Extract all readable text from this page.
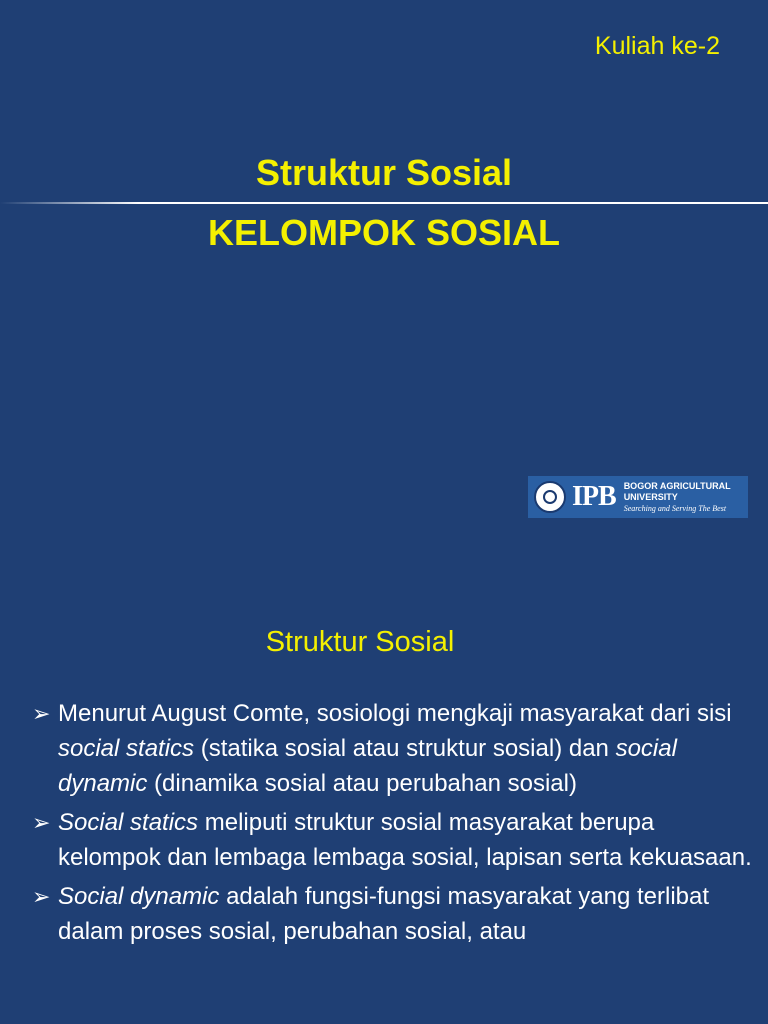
Kuliah ke-2
Struktur Sosial
KELOMPOK SOSIAL
IPB BOGOR AGRICULTURAL
UNIVERSITY
Searching and Serving The Best
Struktur Sosial
➢ Menurut August Comte, sosiologi mengkaji masyarakat dari sisi social statics (statika sosial atau struktur sosial) dan social dynamic (dinamika sosial atau perubahan sosial)
➢ Social statics meliputi struktur sosial masyarakat berupa kelompok dan lembaga lembaga sosial, lapisan serta kekuasaan.
➢ Social dynamic adalah fungsi-fungsi masyarakat yang terlibat dalam proses sosial, perubahan sosial, atau
